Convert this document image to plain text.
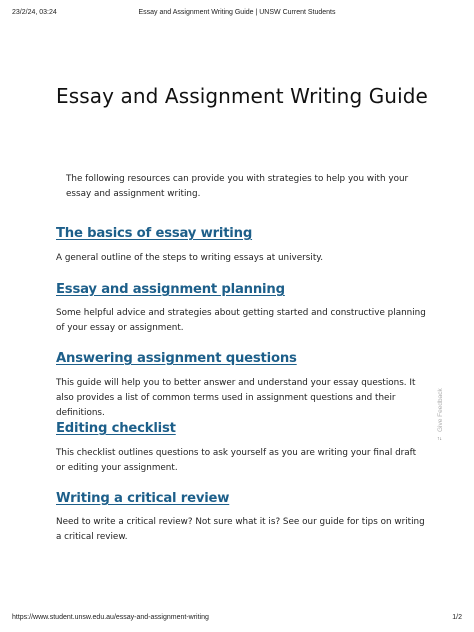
23/2/24, 03:24	Essay and Assignment Writing Guide | UNSW Current Students
Essay and Assignment Writing Guide

The following resources can provide you with strategies to help you with your essay and assignment writing.

The basics of essay writing

A general outline of the steps to writing essays at university.

Essay and assignment planning

Some helpful advice and strategies about getting started and constructive planning of your essay or assignment.

Answering assignment questions

This guide will help you to better answer and understand your essay questions. It also provides a list of common terms used in assignment questions and their definitions.

Editing checklist

This checklist outlines questions to ask yourself as you are writing your final draft or editing your assignment.

Writing a critical review

Need to write a critical review? Not sure what it is? See our guide for tips on writing a critical review.

Give Feedback
↑↓
https://www.student.unsw.edu.au/essay-and-assignment-writing	1/2
